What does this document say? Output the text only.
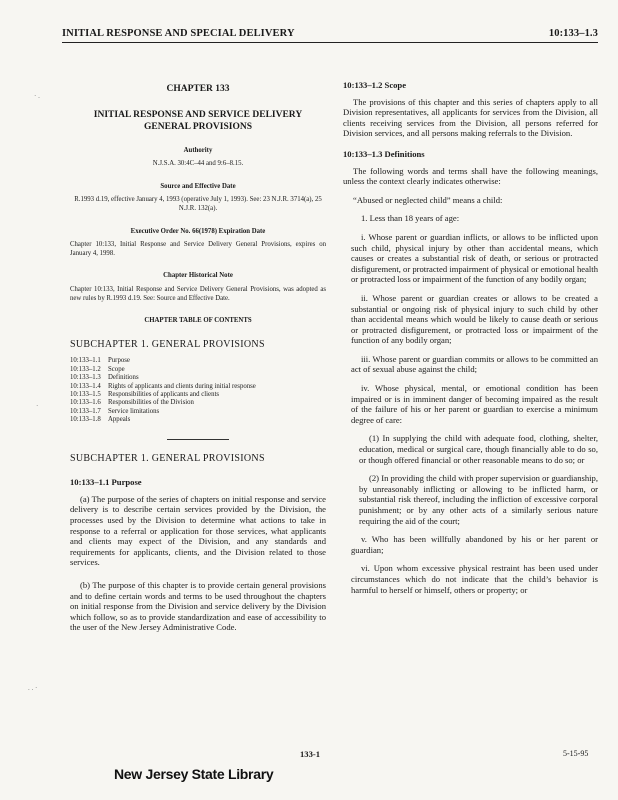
INITIAL RESPONSE AND SPECIAL DELIVERY	10:133–1.3
CHAPTER 133
INITIAL RESPONSE AND SERVICE DELIVERY GENERAL PROVISIONS
Authority
N.J.S.A. 30:4C–44 and 9:6–8.15.
Source and Effective Date
R.1993 d.19, effective January 4, 1993 (operative July 1, 1993). See: 23 N.J.R. 3714(a), 25 N.J.R. 132(a).
Executive Order No. 66(1978) Expiration Date
Chapter 10:133, Initial Response and Service Delivery General Provisions, expires on January 4, 1998.
Chapter Historical Note
Chapter 10:133, Initial Response and Service Delivery General Provisions, was adopted as new rules by R.1993 d.19. See: Source and Effective Date.
CHAPTER TABLE OF CONTENTS
SUBCHAPTER 1. GENERAL PROVISIONS
10:133–1.1	Purpose
10:133–1.2	Scope
10:133–1.3	Definitions
10:133–1.4	Rights of applicants and clients during initial response
10:133–1.5	Responsibilities of applicants and clients
10:133–1.6	Responsibilities of the Division
10:133–1.7	Service limitations
10:133–1.8	Appeals
SUBCHAPTER 1. GENERAL PROVISIONS
10:133–1.1 Purpose

(a) The purpose of the series of chapters on initial response and service delivery is to describe certain services provided by the Division, the processes used by the Division to determine what actions to take in response to a referral or application for those services, what applicants and clients may expect of the Division, and any standards and requirements for applicants, clients, and the Division related to those services.

(b) The purpose of this chapter is to provide certain general provisions and to define certain words and terms to be used throughout the chapters on initial response from the Division and service delivery by the Division which follow, so as to provide standardization and ease of accessibility to the user of the New Jersey Administrative Code.

10:133–1.2 Scope

The provisions of this chapter and this series of chapters apply to all Division representatives, all applicants for services from the Division, all clients receiving services from the Division, all persons referred for Division services, and all persons making referrals to the Division.

10:133–1.3 Definitions

The following words and terms shall have the following meanings, unless the context clearly indicates otherwise:

“Abused or neglected child” means a child:

1. Less than 18 years of age:

i. Whose parent or guardian inflicts, or allows to be inflicted upon such child, physical injury by other than accidental means, which causes or creates a substantial risk of death, or serious or protracted disfigurement, or protracted impairment of physical or emotional health or protracted loss or impairment of the function of any bodily organ;

ii. Whose parent or guardian creates or allows to be created a substantial or ongoing risk of physical injury to such child by other than accidental means which would be likely to cause death or serious or protracted disfigurement, or protracted loss or impairment of the function of any bodily organ;

iii. Whose parent or guardian commits or allows to be committed an act of sexual abuse against the child;

iv. Whose physical, mental, or emotional condition has been impaired or is in imminent danger of becoming impaired as the result of the failure of his or her parent or guardian to exercise a minimum degree of care:

(1) In supplying the child with adequate food, clothing, shelter, education, medical or surgical care, though financially able to do so, or though offered financial or other reasonable means to do so; or

(2) In providing the child with proper supervision or guardianship, by unreasonably inflicting or allowing to be inflicted harm, or substantial risk thereof, including the infliction of excessive corporal punishment; or by any other acts of a similarly serious nature requiring the aid of the court;

v. Who has been willfully abandoned by his or her parent or guardian;

vi. Upon whom excessive physical restraint has been used under circumstances which do not indicate that the child’s behavior is harmful to herself or himself, others or property; or

133-1	5-15-95
New Jersey State Library
· .
·
. . ·
